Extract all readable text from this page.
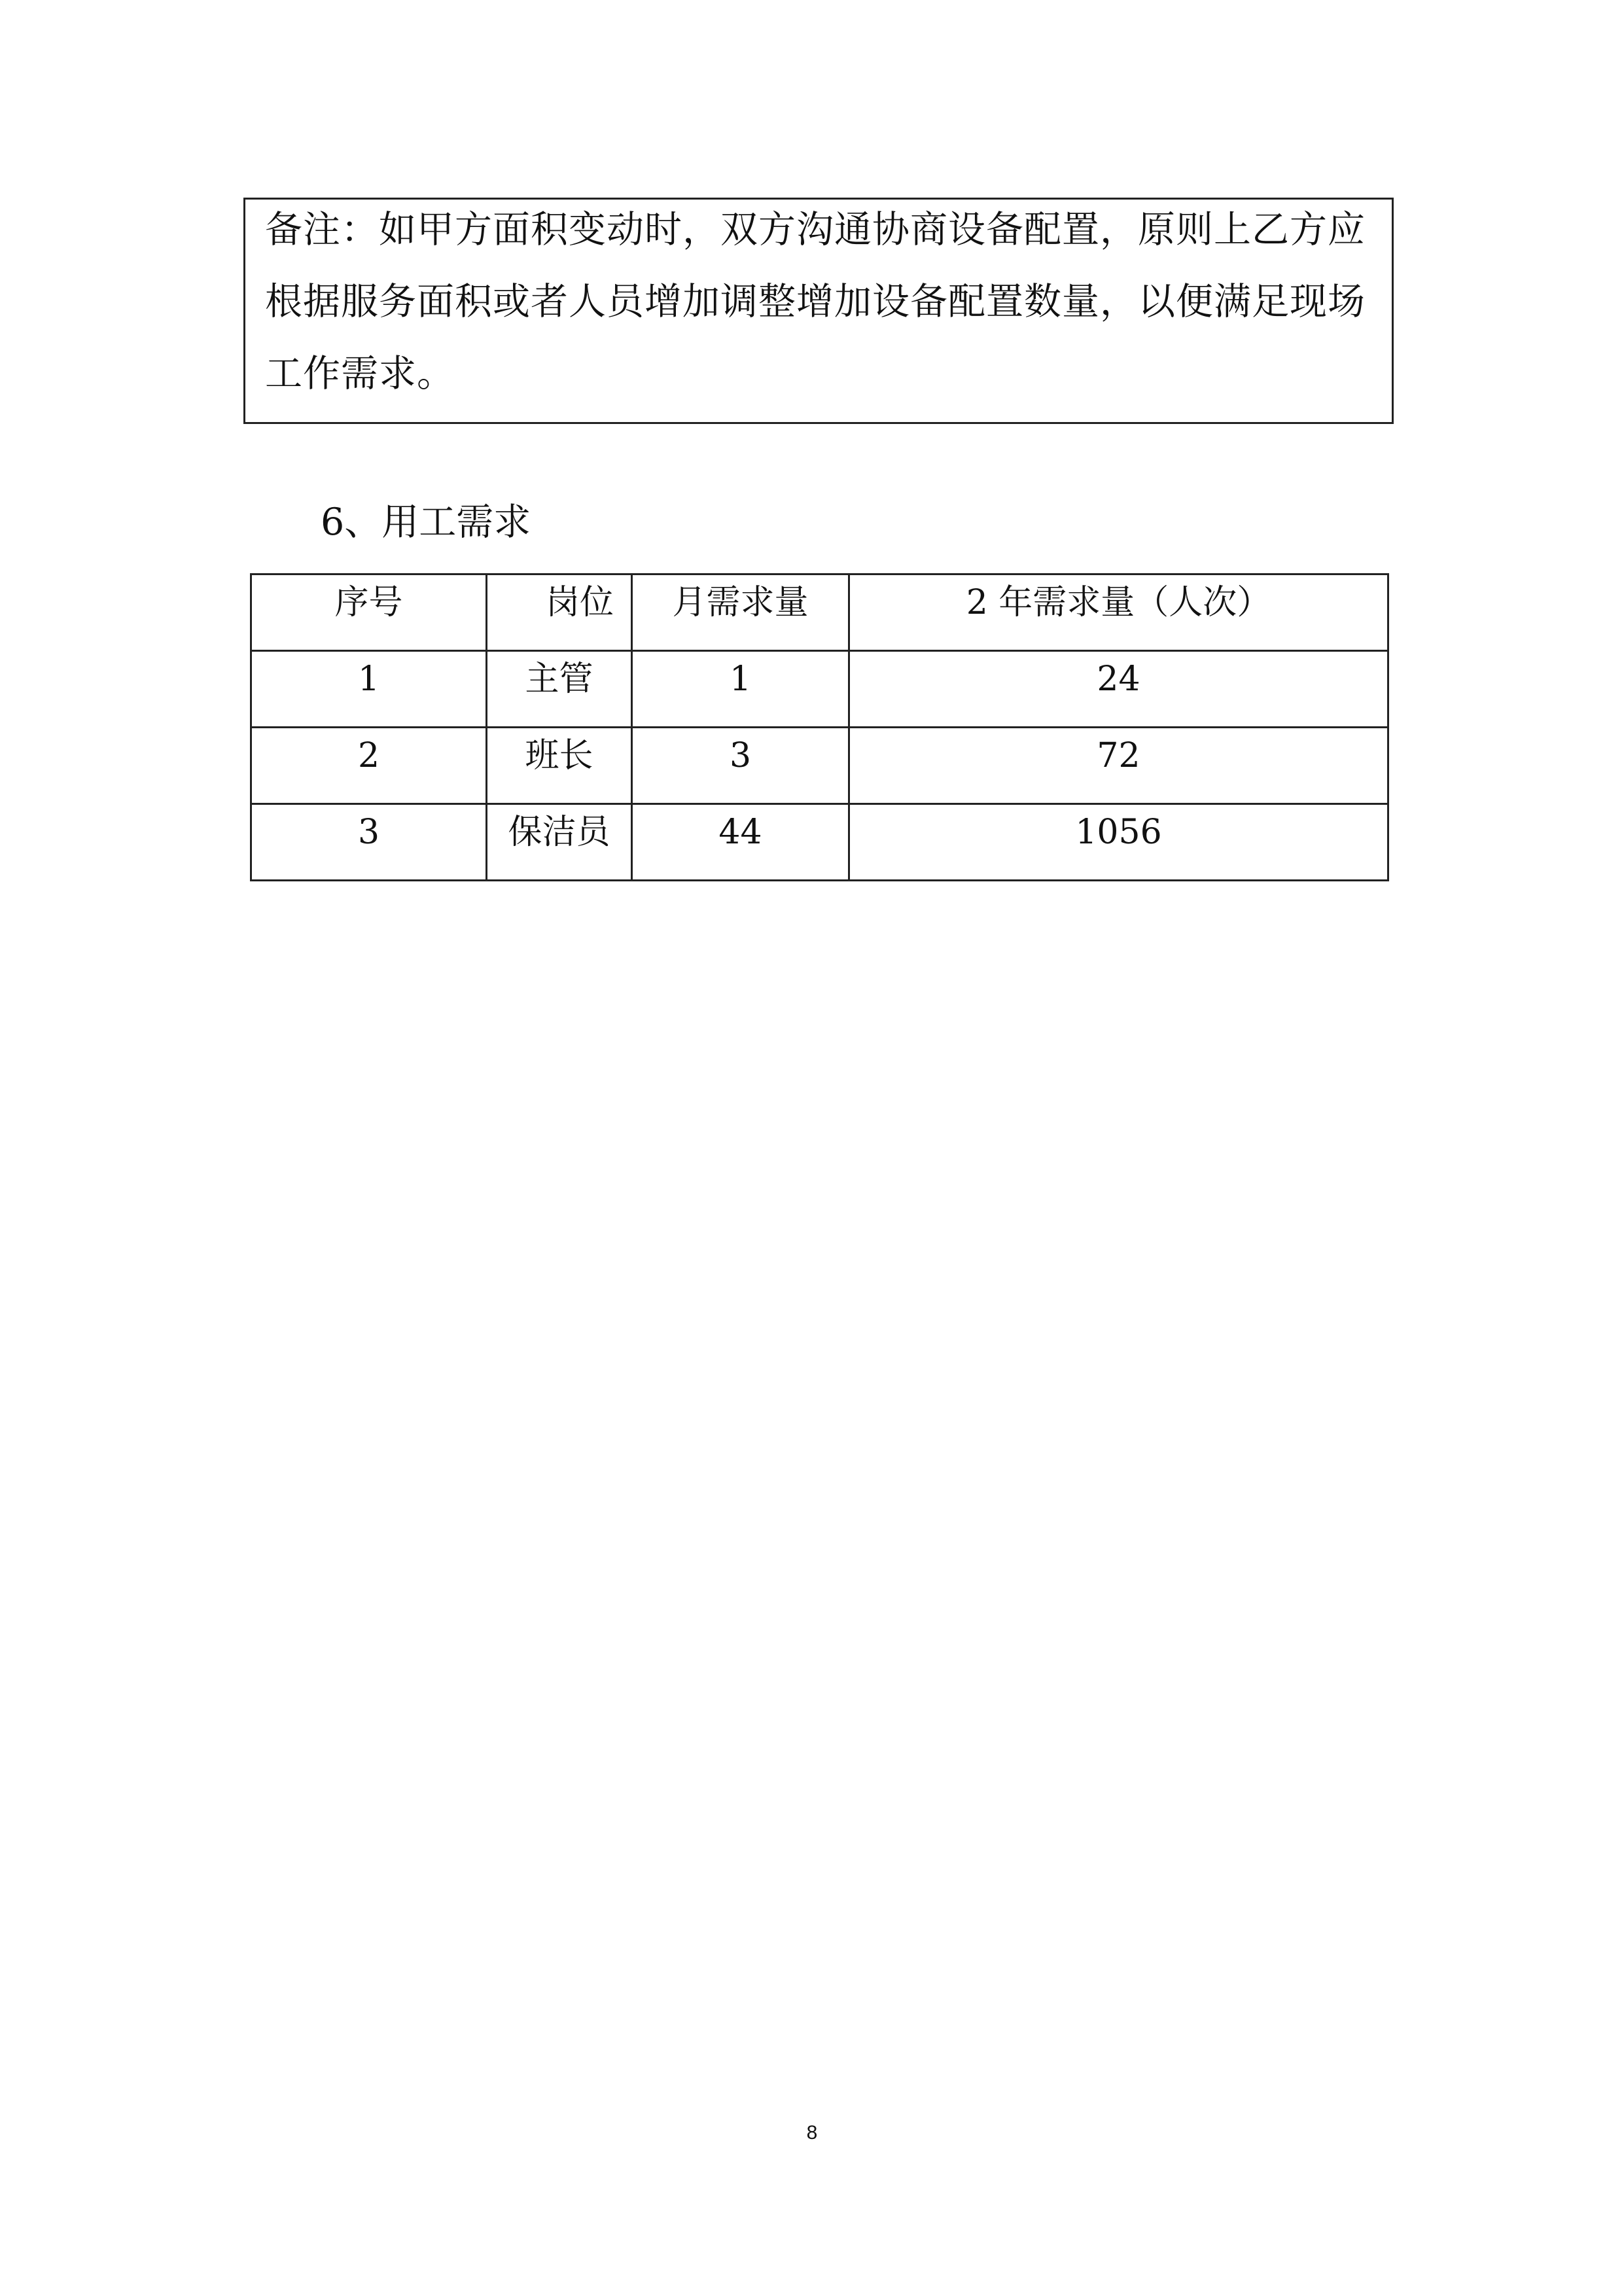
备注：如甲方面积变动时，双方沟通协商设备配置，原则上乙方应
根据服务面积或者人员增加调整增加设备配置数量，以便满足现场
工作需求。
6、用工需求
序号	岗位	月需求量	2 年需求量（人次）
1	主管	1	24
2	班长	3	72
3	保洁员	44	1056
8
